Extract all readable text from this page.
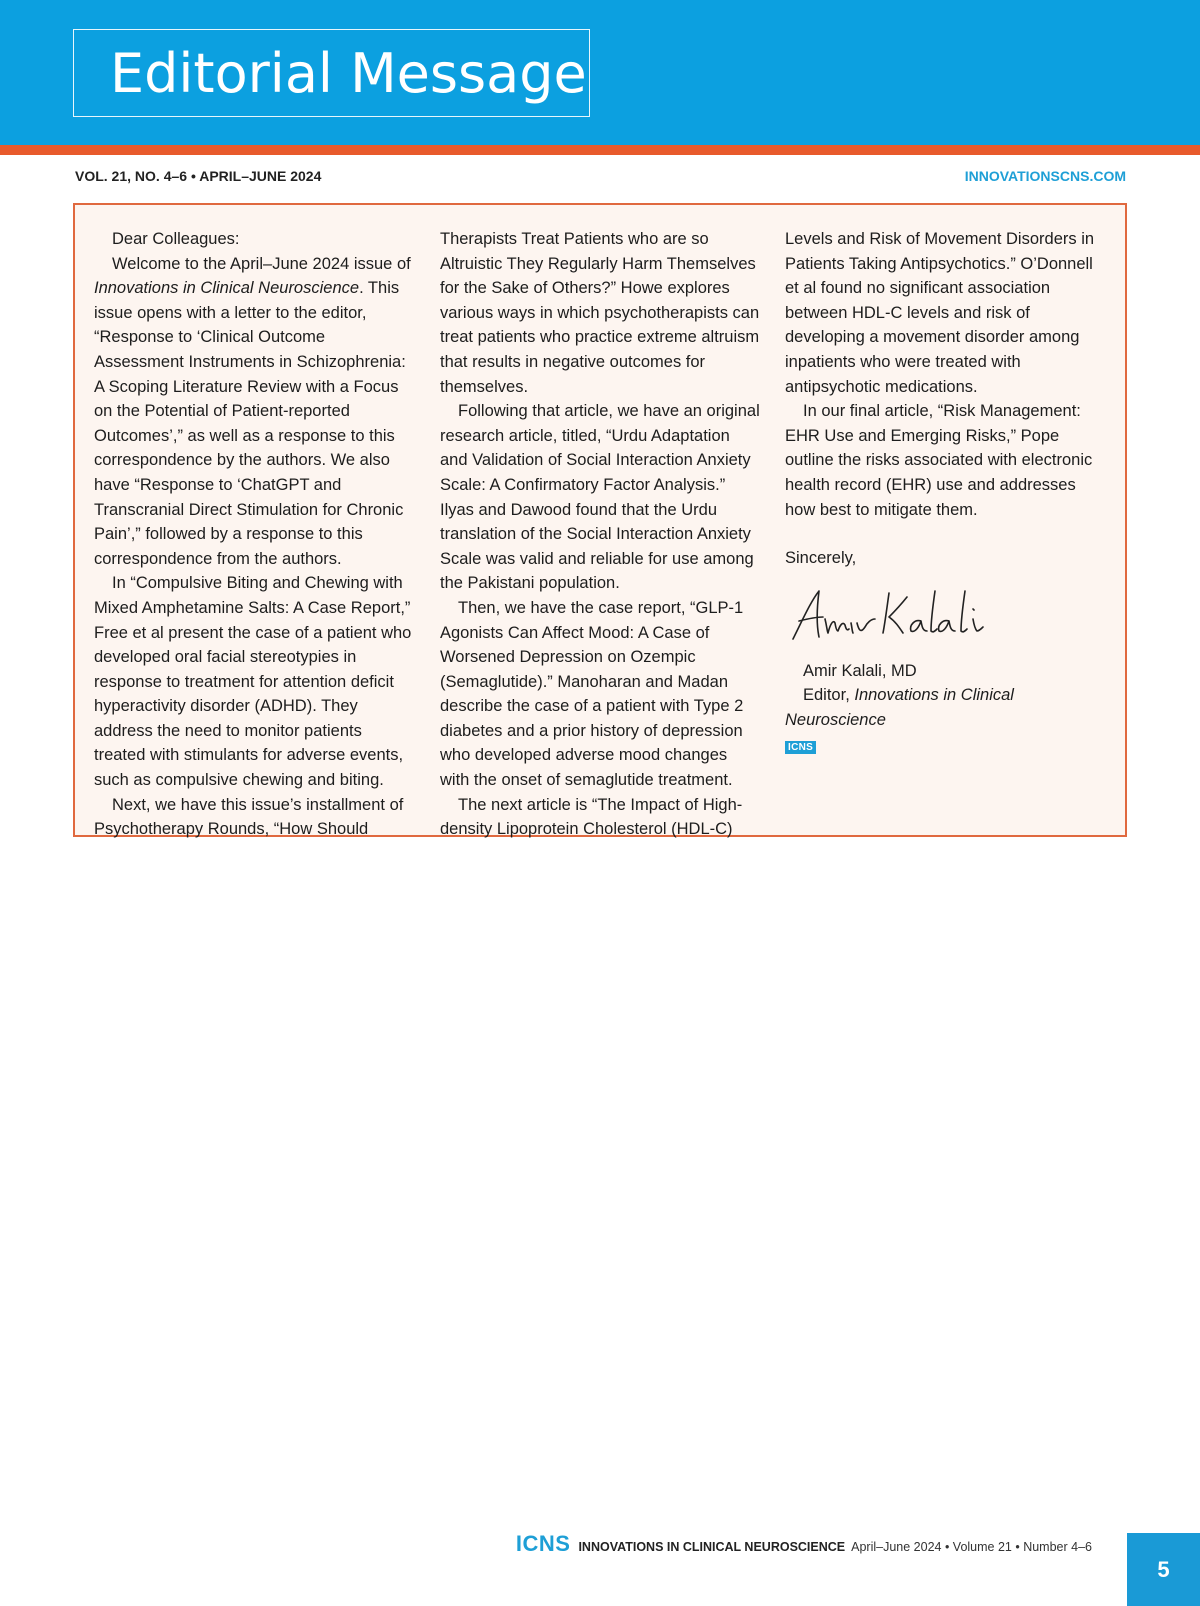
Editorial Message
VOL. 21, NO. 4–6 • APRIL–JUNE 2024	INNOVATIONSCNS.COM

Dear Colleagues:

Welcome to the April–June 2024 issue of Innovations in Clinical Neuroscience. This issue opens with a letter to the editor, “Response to ‘Clinical Outcome Assessment Instruments in Schizophrenia: A Scoping Literature Review with a Focus on the Potential of Patient-reported Outcomes’,” as well as a response to this correspondence by the authors. We also have “Response to ‘ChatGPT and Transcranial Direct Stimulation for Chronic Pain’,” followed by a response to this correspondence from the authors.

In “Compulsive Biting and Chewing with Mixed Amphetamine Salts: A Case Report,” Free et al present the case of a patient who developed oral facial stereotypies in response to treatment for attention deficit hyperactivity disorder (ADHD). They address the need to monitor patients treated with stimulants for adverse events, such as compulsive chewing and biting.

Next, we have this issue’s installment of Psychotherapy Rounds, “How Should

Therapists Treat Patients who are so Altruistic They Regularly Harm Themselves for the Sake of Others?” Howe explores various ways in which psychotherapists can treat patients who practice extreme altruism that results in negative outcomes for themselves.

Following that article, we have an original research article, titled, “Urdu Adaptation and Validation of Social Interaction Anxiety Scale: A Confirmatory Factor Analysis.” Ilyas and Dawood found that the Urdu translation of the Social Interaction Anxiety Scale was valid and reliable for use among the Pakistani population.

Then, we have the case report, “GLP-1 Agonists Can Affect Mood: A Case of Worsened Depression on Ozempic (Semaglutide).” Manoharan and Madan describe the case of a patient with Type 2 diabetes and a prior history of depression who developed adverse mood changes with the onset of semaglutide treatment.

The next article is “The Impact of High-density Lipoprotein Cholesterol (HDL-C)

Levels and Risk of Movement Disorders in Patients Taking Antipsychotics.” O’Donnell et al found no significant association between HDL-C levels and risk of developing a movement disorder among inpatients who were treated with antipsychotic medications.

In our final article, “Risk Management: EHR Use and Emerging Risks,” Pope outline the risks associated with electronic health record (EHR) use and addresses how best to mitigate them.

Sincerely,

Amir Kalali, MD

Editor, Innovations in Clinical Neuroscience

ICNS
ICNS INNOVATIONS IN CLINICAL NEUROSCIENCE April–June 2024 • Volume 21 • Number 4–6
5
